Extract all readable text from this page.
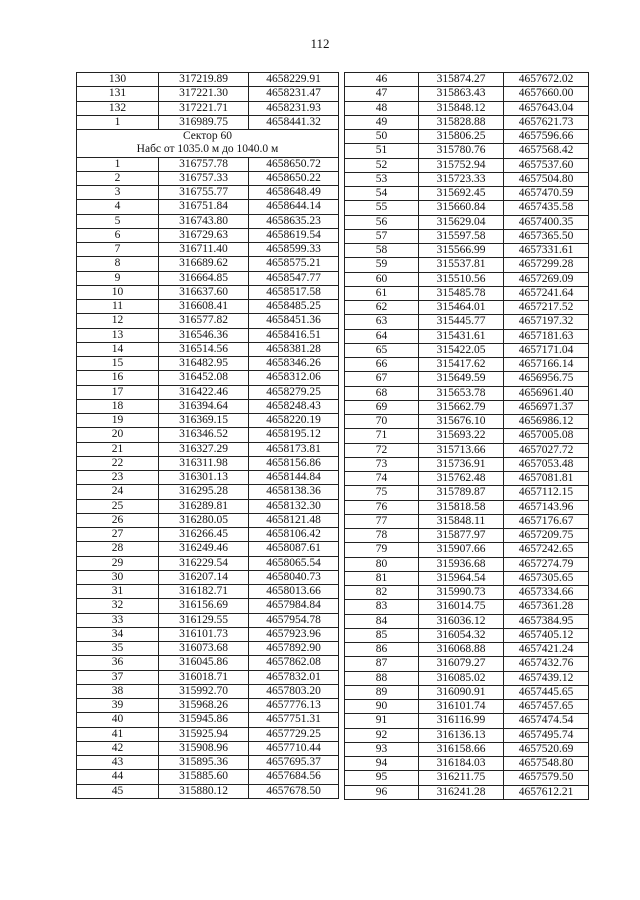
112
130	317219.89	4658229.91
131	317221.30	4658231.47
132	317221.71	4658231.93
1	316989.75	4658441.32
Сектор 60		
Набс от 1035.0 м до 1040.0 м		
1	316757.78	4658650.72
2	316757.33	4658650.22
3	316755.77	4658648.49
4	316751.84	4658644.14
5	316743.80	4658635.23
6	316729.63	4658619.54
7	316711.40	4658599.33
8	316689.62	4658575.21
9	316664.85	4658547.77
10	316637.60	4658517.58
11	316608.41	4658485.25
12	316577.82	4658451.36
13	316546.36	4658416.51
14	316514.56	4658381.28
15	316482.95	4658346.26
16	316452.08	4658312.06
17	316422.46	4658279.25
18	316394.64	4658248.43
19	316369.15	4658220.19
20	316346.52	4658195.12
21	316327.29	4658173.81
22	316311.98	4658156.86
23	316301.13	4658144.84
24	316295.28	4658138.36
25	316289.81	4658132.30
26	316280.05	4658121.48
27	316266.45	4658106.42
28	316249.46	4658087.61
29	316229.54	4658065.54
30	316207.14	4658040.73
31	316182.71	4658013.66
32	316156.69	4657984.84
33	316129.55	4657954.78
34	316101.73	4657923.96
35	316073.68	4657892.90
36	316045.86	4657862.08
37	316018.71	4657832.01
38	315992.70	4657803.20
39	315968.26	4657776.13
40	315945.86	4657751.31
41	315925.94	4657729.25
42	315908.96	4657710.44
43	315895.36	4657695.37
44	315885.60	4657684.56
45	315880.12	4657678.50
46	315874.27	4657672.02
47	315863.43	4657660.00
48	315848.12	4657643.04
49	315828.88	4657621.73
50	315806.25	4657596.66
51	315780.76	4657568.42
52	315752.94	4657537.60
53	315723.33	4657504.80
54	315692.45	4657470.59
55	315660.84	4657435.58
56	315629.04	4657400.35
57	315597.58	4657365.50
58	315566.99	4657331.61
59	315537.81	4657299.28
60	315510.56	4657269.09
61	315485.78	4657241.64
62	315464.01	4657217.52
63	315445.77	4657197.32
64	315431.61	4657181.63
65	315422.05	4657171.04
66	315417.62	4657166.14
67	315649.59	4656956.75
68	315653.78	4656961.40
69	315662.79	4656971.37
70	315676.10	4656986.12
71	315693.22	4657005.08
72	315713.66	4657027.72
73	315736.91	4657053.48
74	315762.48	4657081.81
75	315789.87	4657112.15
76	315818.58	4657143.96
77	315848.11	4657176.67
78	315877.97	4657209.75
79	315907.66	4657242.65
80	315936.68	4657274.79
81	315964.54	4657305.65
82	315990.73	4657334.66
83	316014.75	4657361.28
84	316036.12	4657384.95
85	316054.32	4657405.12
86	316068.88	4657421.24
87	316079.27	4657432.76
88	316085.02	4657439.12
89	316090.91	4657445.65
90	316101.74	4657457.65
91	316116.99	4657474.54
92	316136.13	4657495.74
93	316158.66	4657520.69
94	316184.03	4657548.80
95	316211.75	4657579.50
96	316241.28	4657612.21
